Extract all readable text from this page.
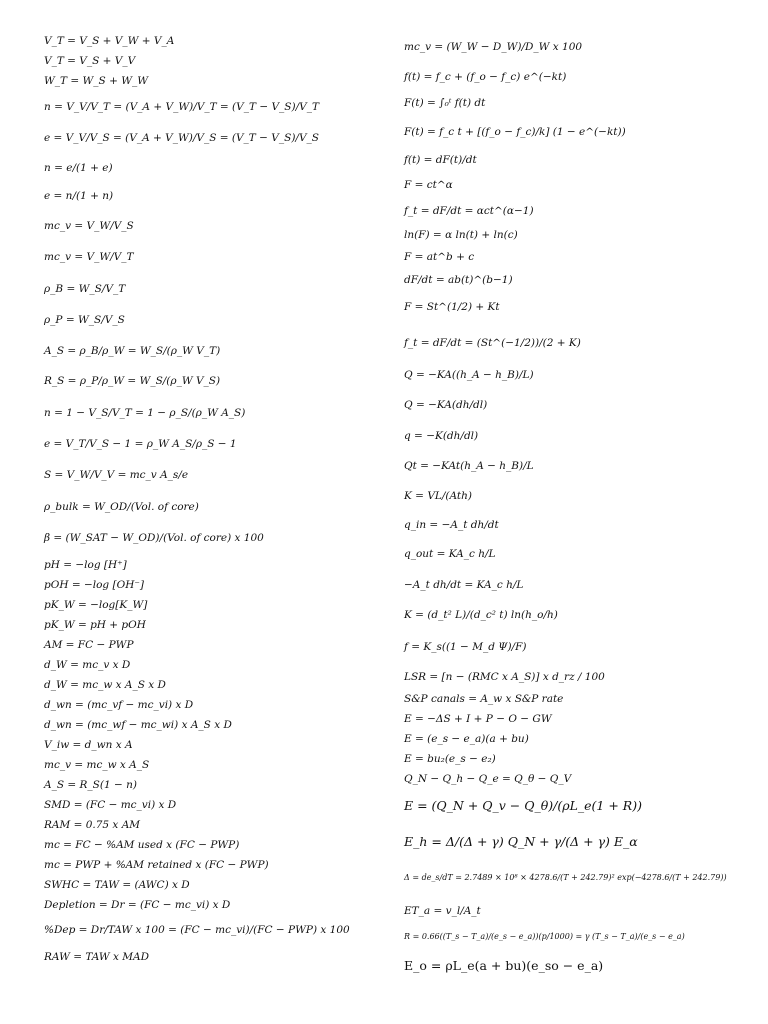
V_T = V_S + V_W + V_A
V_T = V_S + V_V
W_T = W_S + W_W
n = V_V/V_T = (V_A + V_W)/V_T = (V_T − V_S)/V_T
e = V_V/V_S = (V_A + V_W)/V_S = (V_T − V_S)/V_S
n = e/(1 + e)
e = n/(1 + n)
mc_v = V_W/V_S
mc_v = V_W/V_T
ρ_B = W_S/V_T
ρ_P = W_S/V_S
A_S = ρ_B/ρ_W = W_S/(ρ_W V_T)
R_S = ρ_P/ρ_W = W_S/(ρ_W V_S)
n = 1 − V_S/V_T = 1 − ρ_S/(ρ_W A_S)
e = V_T/V_S − 1 = ρ_W A_S/ρ_S − 1
S = V_W/V_V = mc_v A_s/e
ρ_bulk = W_OD/(Vol. of core)
β = (W_SAT − W_OD)/(Vol. of core) x 100
pH = −log [H⁺]
pOH = −log [OH⁻]
pK_W = −log[K_W]
pK_W = pH + pOH
AM = FC − PWP
d_W = mc_v x D
d_W = mc_w x A_S x D
d_wn = (mc_vf − mc_vi) x D
d_wn = (mc_wf − mc_wi) x A_S x D
V_iw = d_wn x A
mc_v = mc_w x A_S
A_S = R_S(1 − n)
SMD = (FC − mc_vi) x D
RAM = 0.75 x AM
mc = FC − %AM used x (FC − PWP)
mc = PWP + %AM retained x (FC − PWP)
SWHC = TAW = (AWC) x D
Depletion = Dr = (FC − mc_vi) x D
%Dep = Dr/TAW x 100 = (FC − mc_vi)/(FC − PWP) x 100
RAW = TAW x MAD
mc_v = (W_W − D_W)/D_W x 100
f(t) = f_c + (f_o − f_c) e^(−kt)
F(t) = ∫₀ᵗ f(t) dt
F(t) = f_c t + [(f_o − f_c)/k] (1 − e^(−kt))
f(t) = dF(t)/dt
F = ct^α
f_t = dF/dt = αct^(α−1)
ln(F) = α ln(t) + ln(c)
F = at^b + c
dF/dt = ab(t)^(b−1)
F = St^(1/2) + Kt
f_t = dF/dt = (St^(−1/2))/(2 + K)
Q = −KA((h_A − h_B)/L)
Q = −KA(dh/dl)
q = −K(dh/dl)
Qt = −KAt(h_A − h_B)/L
K = VL/(Ath)
q_in = −A_t dh/dt
q_out = KA_c h/L
−A_t dh/dt = KA_c h/L
K = (d_t² L)/(d_c² t) ln(h_o/h)
f = K_s((1 − M_d Ψ)/F)
LSR = [n − (RMC x A_S)] x d_rz / 100
S&P canals = A_w x S&P rate
E = −ΔS + I + P − O − GW
E = (e_s − e_a)(a + bu)
E = bu₂(e_s − e₂)
Q_N − Q_h − Q_e = Q_θ − Q_V
E = (Q_N + Q_v − Q_θ)/(ρL_e(1 + R))
E_h = Δ/(Δ + γ) Q_N + γ/(Δ + γ) E_α
Δ = de_s/dT = 2.7489 × 10⁸ × 4278.6/(T + 242.79)² exp(−4278.6/(T + 242.79))
ET_a = v_l/A_t
R = 0.66((T_s − T_a)/(e_s − e_a))(p/1000) = γ (T_s − T_a)/(e_s − e_a)
E_o = ρL_e(a + bu)(e_so − e_a)
